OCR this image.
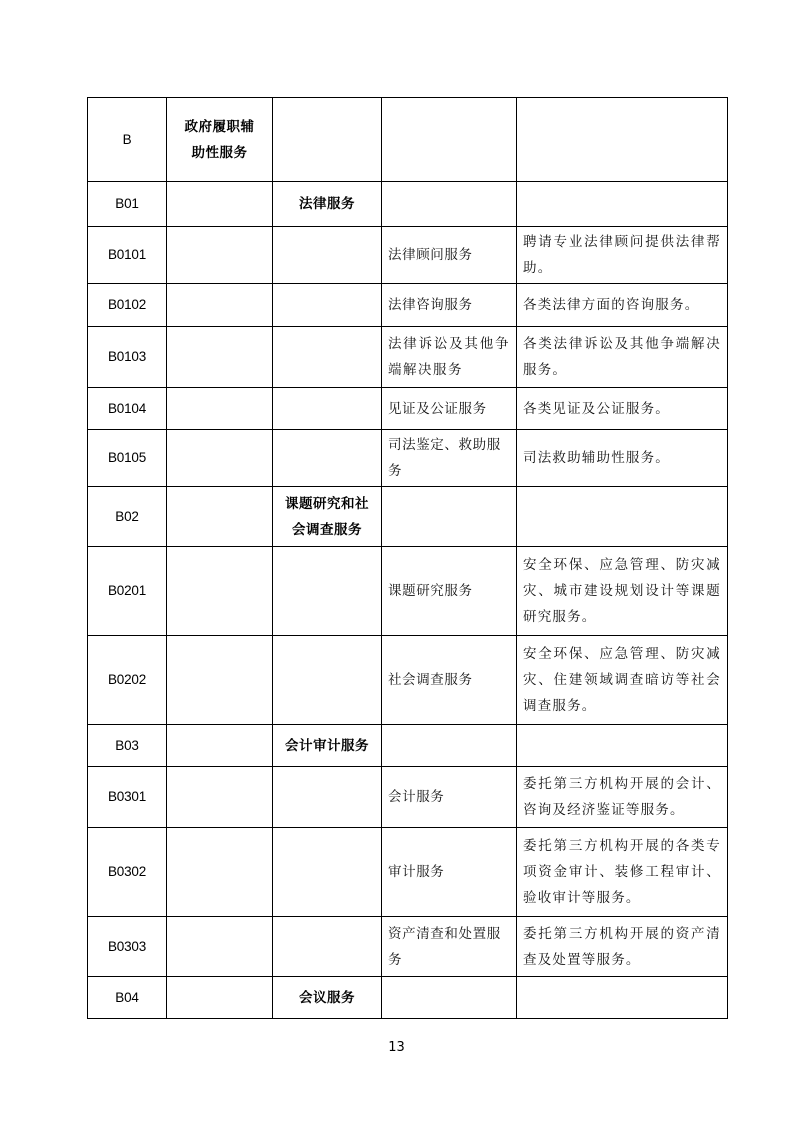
B	政府履职辅助性服务			
B01		法律服务		
B0101			法律顾问服务	聘请专业法律顾问提供法律帮助。
B0102			法律咨询服务	各类法律方面的咨询服务。
B0103			法律诉讼及其他争端解决服务	各类法律诉讼及其他争端解决服务。
B0104			见证及公证服务	各类见证及公证服务。
B0105			司法鉴定、救助服务	司法救助辅助性服务。
B02		课题研究和社会调查服务		
B0201			课题研究服务	安全环保、应急管理、防灾减灾、城市建设规划设计等课题研究服务。
B0202			社会调查服务	安全环保、应急管理、防灾减灾、住建领域调查暗访等社会调查服务。
B03		会计审计服务		
B0301			会计服务	委托第三方机构开展的会计、咨询及经济鉴证等服务。
B0302			审计服务	委托第三方机构开展的各类专项资金审计、装修工程审计、验收审计等服务。
B0303			资产清查和处置服务	委托第三方机构开展的资产清查及处置等服务。
B04		会议服务		
13
